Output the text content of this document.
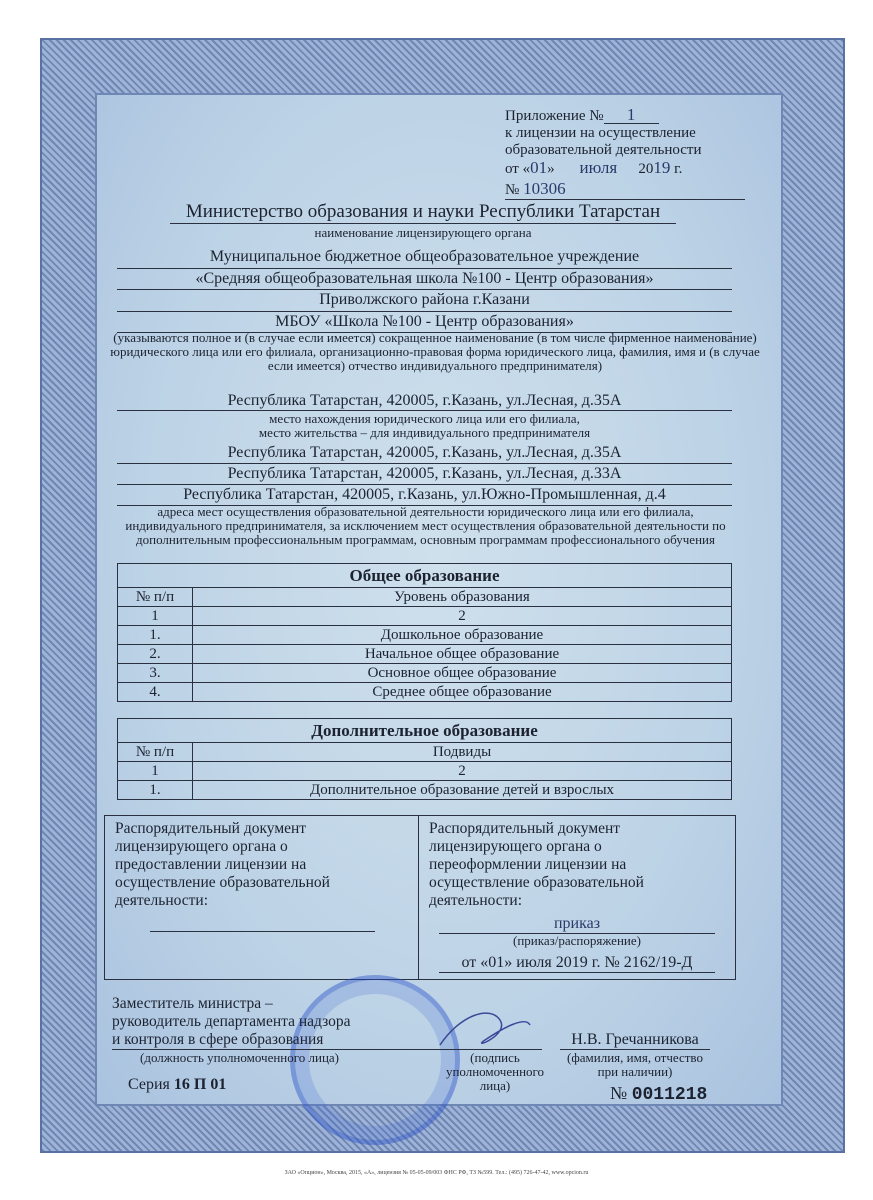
Приложение № 1
к лицензии на осуществление
образовательной деятельности
от «01» июля 2019 г.
№ 10306
Министерство образования и науки Республики Татарстан
наименование лицензирующего органа
Муниципальное бюджетное общеобразовательное учреждение
«Средняя общеобразовательная школа №100 - Центр образования»
Приволжского района г.Казани
МБОУ «Школа №100 - Центр образования»
(указываются полное и (в случае если имеется) сокращенное наименование (в том числе фирменное наименование) юридического лица или его филиала, организационно-правовая форма юридического лица, фамилия, имя и (в случае если имеется) отчество индивидуального предпринимателя)
Республика Татарстан, 420005, г.Казань, ул.Лесная, д.35А
место нахождения юридического лица или его филиала,
место жительства – для индивидуального предпринимателя
Республика Татарстан, 420005, г.Казань, ул.Лесная, д.35А
Республика Татарстан, 420005, г.Казань, ул.Лесная, д.33А
Республика Татарстан, 420005, г.Казань, ул.Южно-Промышленная, д.4
адреса мест осуществления образовательной деятельности юридического лица или его филиала, индивидуального предпринимателя, за исключением мест осуществления образовательной деятельности по дополнительным профессиональным программам, основным программам профессионального обучения
Общее образование	
№ п/п	Уровень образования
1	2
1.	Дошкольное образование
2.	Начальное общее образование
3.	Основное общее образование
4.	Среднее общее образование
Дополнительное образование	
№ п/п	Подвиды
1	2
1.	Дополнительное образование детей и взрослых
Распорядительный документ лицензирующего органа о предоставлении лицензии на осуществление образовательной деятельности:
Распорядительный документ лицензирующего органа о переоформлении лицензии на осуществление образовательной деятельности:
приказ
(приказ/распоряжение)
от «01» июля 2019 г. № 2162/19-Д
Заместитель министра –
руководитель департамента надзора
и контроля в сфере образования
(должность уполномоченного лица)	(подпись
уполномоченного лица)
Н.В. Гречанникова
(фамилия, имя, отчество
при наличии)
Серия 16 П 01	№ 0011218
ЗАО «Опцион», Москва, 2015, «А», лицензия № 05-05-09/003 ФНС РФ, ТЗ №599. Тел.: (495) 726-47-42, www.opcion.ru
